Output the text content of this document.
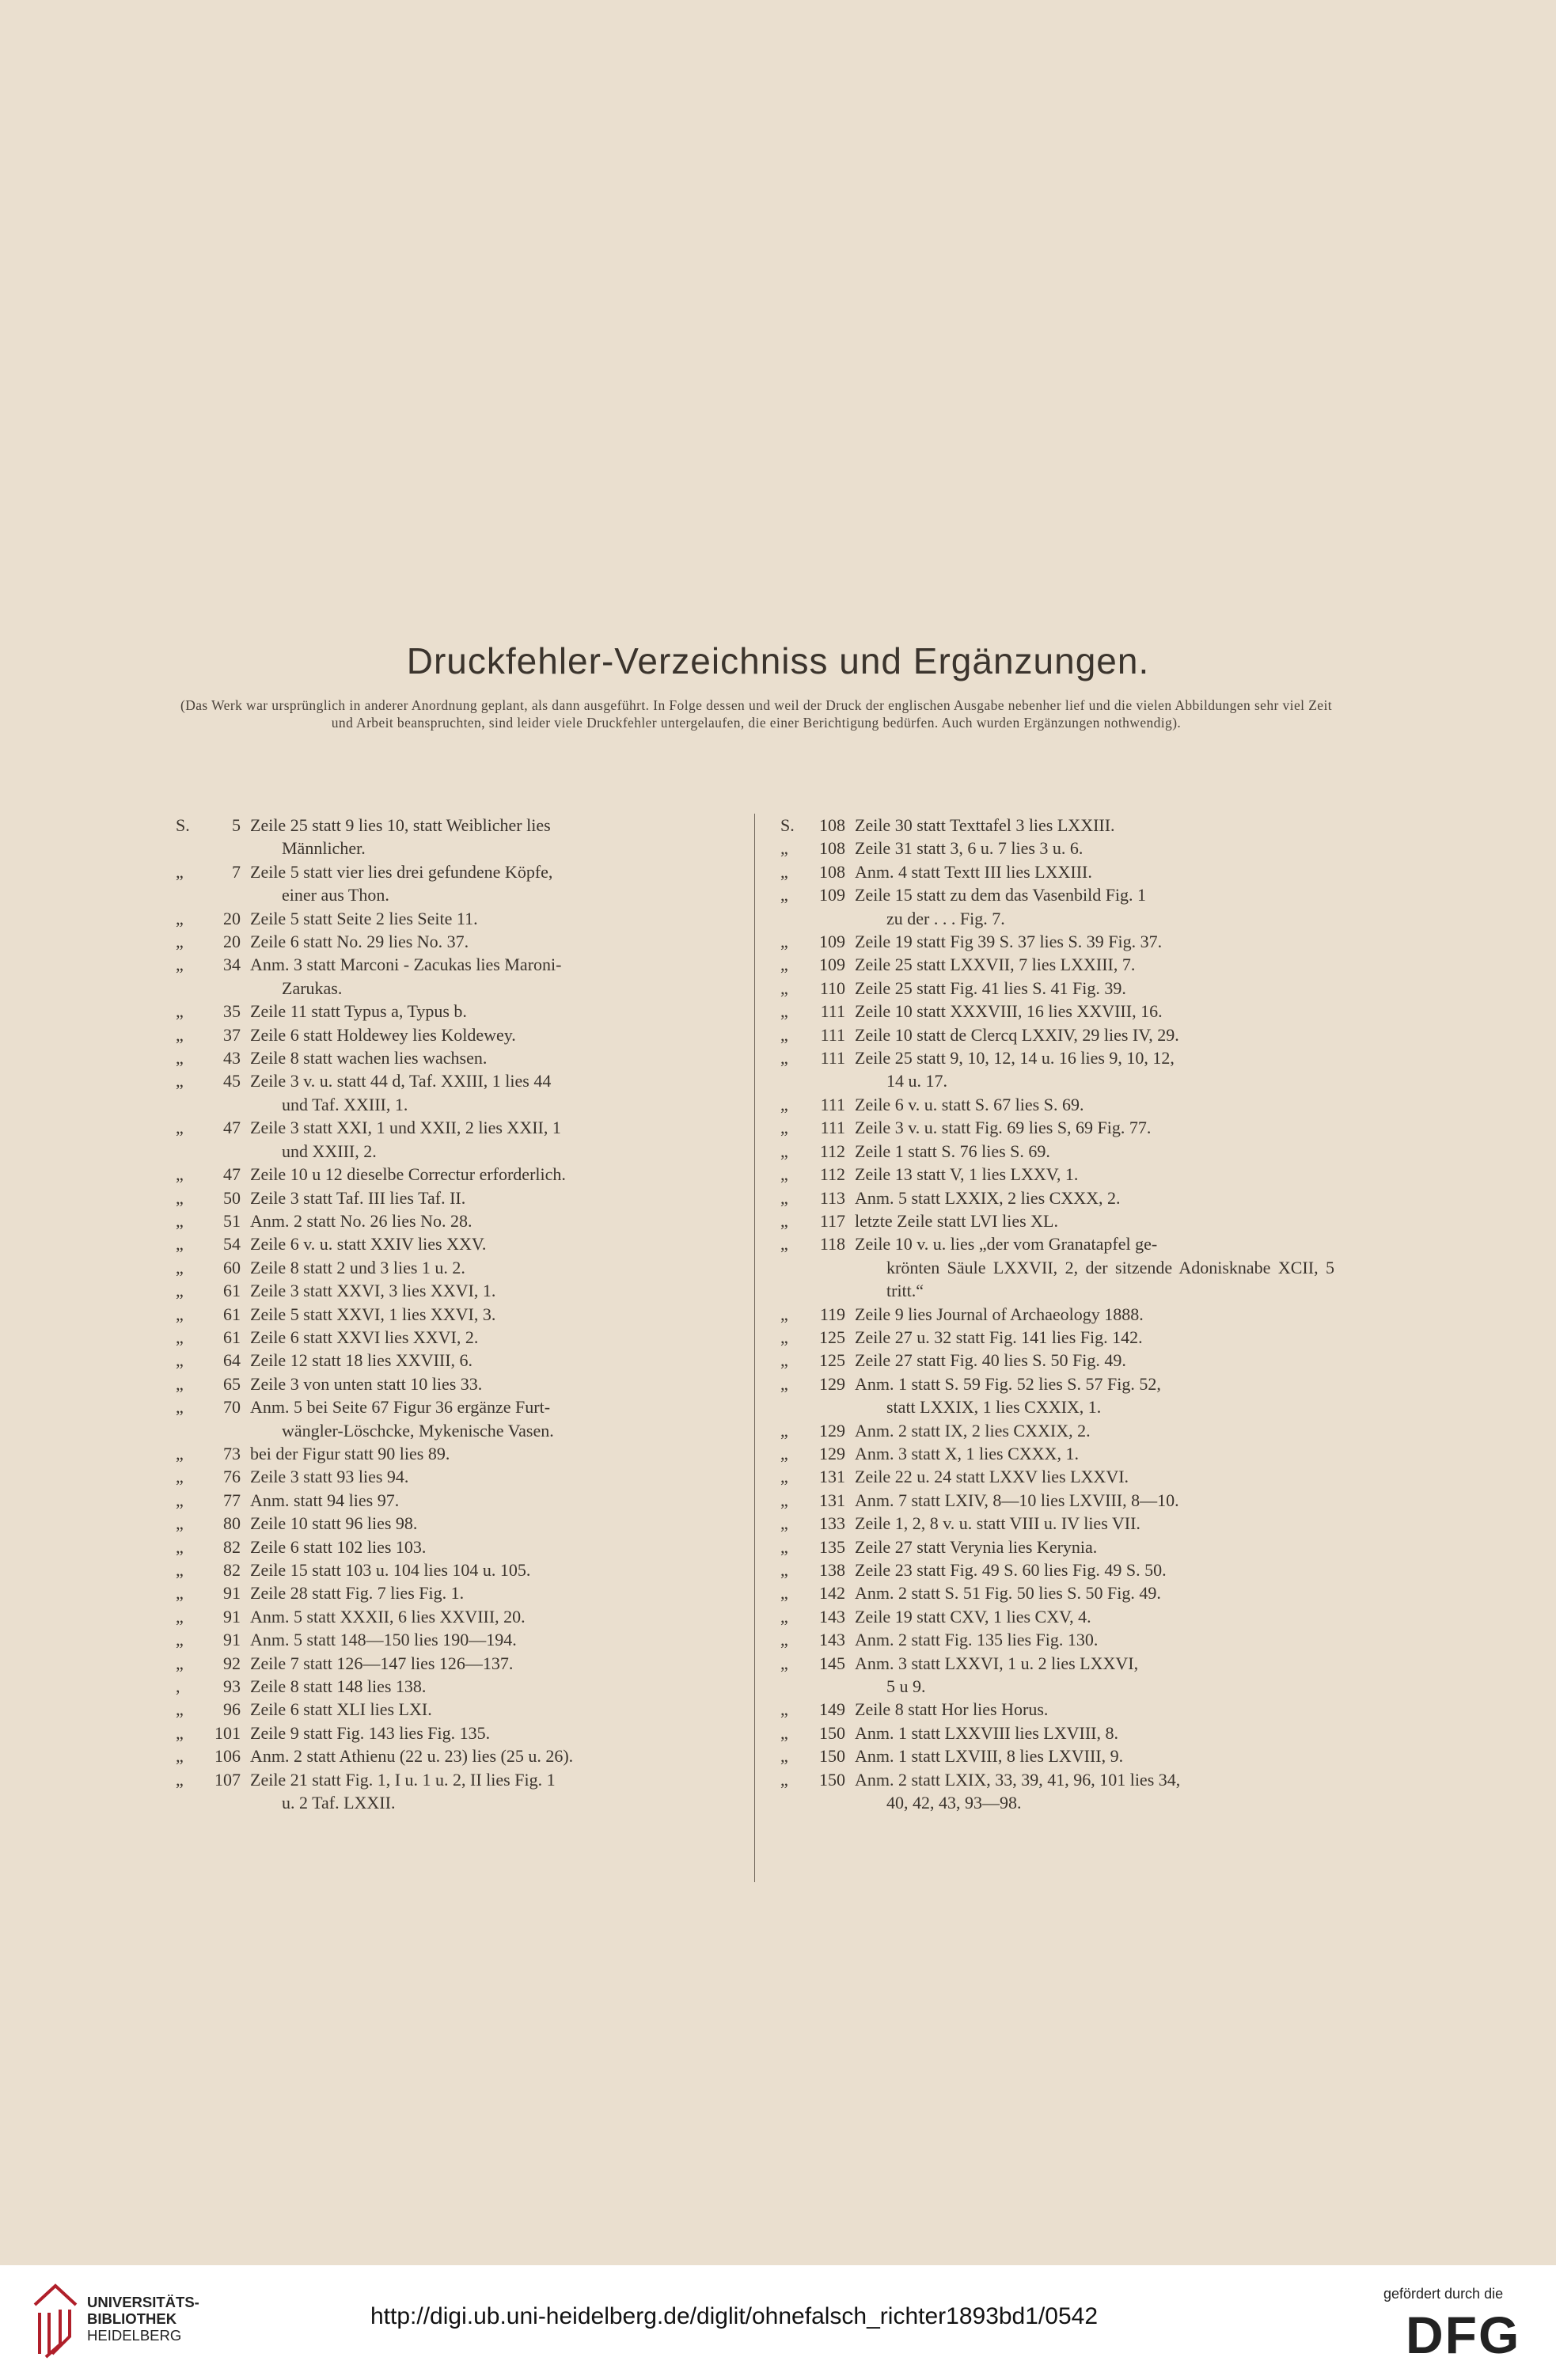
Druckfehler-Verzeichniss und Ergänzungen.
(Das Werk war ursprünglich in anderer Anordnung geplant, als dann ausgeführt. In Folge dessen und weil der Druck der englischen Ausgabe nebenher lief und die vielen Abbildungen sehr viel Zeit und Arbeit beanspruchten, sind leider viele Druckfehler untergelaufen, die einer Berichtigung bedürfen. Auch wurden Ergänzungen nothwendig).
S.	5 Zeile 25 statt 9 lies 10, statt Weiblicher lies
Männlicher.
„	7 Zeile 5 statt vier lies drei gefundene Köpfe,
einer aus Thon.
„	20 Zeile 5 statt Seite 2 lies Seite 11.
„	20 Zeile 6 statt No. 29 lies No. 37.
„	34 Anm. 3 statt Marconi - Zacukas lies Maroni-
Zarukas.
„	35 Zeile 11 statt Typus a, Typus b.
„	37 Zeile 6 statt Holdewey lies Koldewey.
„	43 Zeile 8 statt wachen lies wachsen.
„	45 Zeile 3 v. u. statt 44 d, Taf. XXIII, 1 lies 44
und Taf. XXIII, 1.
„	47 Zeile 3 statt XXI, 1 und XXII, 2 lies XXII, 1
und XXIII, 2.
„	47 Zeile 10 u 12 dieselbe Correctur erforderlich.
„	50 Zeile 3 statt Taf. III lies Taf. II.
„	51 Anm. 2 statt No. 26 lies No. 28.
„	54 Zeile 6 v. u. statt XXIV lies XXV.
„	60 Zeile 8 statt 2 und 3 lies 1 u. 2.
„	61 Zeile 3 statt XXVI, 3 lies XXVI, 1.
„	61 Zeile 5 statt XXVI, 1 lies XXVI, 3.
„	61 Zeile 6 statt XXVI lies XXVI, 2.
„	64 Zeile 12 statt 18 lies XXVIII, 6.
„	65 Zeile 3 von unten statt 10 lies 33.
„	70 Anm. 5 bei Seite 67 Figur 36 ergänze Furt-
wängler-Löschcke, Mykenische Vasen.
„	73 bei der Figur statt 90 lies 89.
„	76 Zeile 3 statt 93 lies 94.
„	77 Anm. statt 94 lies 97.
„	80 Zeile 10 statt 96 lies 98.
„	82 Zeile 6 statt 102 lies 103.
„	82 Zeile 15 statt 103 u. 104 lies 104 u. 105.
„	91 Zeile 28 statt Fig. 7 lies Fig. 1.
„	91 Anm. 5 statt XXXII, 6 lies XXVIII, 20.
„	91 Anm. 5 statt 148—150 lies 190—194.
„	92 Zeile 7 statt 126—147 lies 126—137.
,	93 Zeile 8 statt 148 lies 138.
„	96 Zeile 6 statt XLI lies LXI.
„	101 Zeile 9 statt Fig. 143 lies Fig. 135.
„	106 Anm. 2 statt Athienu (22 u. 23) lies (25 u. 26).
„	107 Zeile 21 statt Fig. 1, I u. 1 u. 2, II lies Fig. 1
u. 2 Taf. LXXII.
S.	108 Zeile 30 statt Texttafel 3 lies LXXIII.
„	108 Zeile 31 statt 3, 6 u. 7 lies 3 u. 6.
„	108 Anm. 4 statt Textt III lies LXXIII.
„	109 Zeile 15 statt zu dem das Vasenbild Fig. 1
zu der . . . Fig. 7.
„	109 Zeile 19 statt Fig 39 S. 37 lies S. 39 Fig. 37.
„	109 Zeile 25 statt LXXVII, 7 lies LXXIII, 7.
„	110 Zeile 25 statt Fig. 41 lies S. 41 Fig. 39.
„	111 Zeile 10 statt XXXVIII, 16 lies XXVIII, 16.
„	111 Zeile 10 statt de Clercq LXXIV, 29 lies IV, 29.
„	111 Zeile 25 statt 9, 10, 12, 14 u. 16 lies 9, 10, 12,
14 u. 17.
„	111 Zeile 6 v. u. statt S. 67 lies S. 69.
„	111 Zeile 3 v. u. statt Fig. 69 lies S, 69 Fig. 77.
„	112 Zeile 1 statt S. 76 lies S. 69.
„	112 Zeile 13 statt V, 1 lies LXXV, 1.
„	113 Anm. 5 statt LXXIX, 2 lies CXXX, 2.
„	117 letzte Zeile statt LVI lies XL.
„	118 Zeile 10 v. u. lies „der vom Granatapfel ge-
krönten Säule LXXVII, 2, der sitzende Adonisknabe XCII, 5 tritt.“
„	119 Zeile 9 lies Journal of Archaeology 1888.
„	125 Zeile 27 u. 32 statt Fig. 141 lies Fig. 142.
„	125 Zeile 27 statt Fig. 40 lies S. 50 Fig. 49.
„	129 Anm. 1 statt S. 59 Fig. 52 lies S. 57 Fig. 52,
statt LXXIX, 1 lies CXXIX, 1.
„	129 Anm. 2 statt IX, 2 lies CXXIX, 2.
„	129 Anm. 3 statt X, 1 lies CXXX, 1.
„	131 Zeile 22 u. 24 statt LXXV lies LXXVI.
„	131 Anm. 7 statt LXIV, 8—10 lies LXVIII, 8—10.
„	133 Zeile 1, 2, 8 v. u. statt VIII u. IV lies VII.
„	135 Zeile 27 statt Verynia lies Kerynia.
„	138 Zeile 23 statt Fig. 49 S. 60 lies Fig. 49 S. 50.
„	142 Anm. 2 statt S. 51 Fig. 50 lies S. 50 Fig. 49.
„	143 Zeile 19 statt CXV, 1 lies CXV, 4.
„	143 Anm. 2 statt Fig. 135 lies Fig. 130.
„	145 Anm. 3 statt LXXVI, 1 u. 2 lies LXXVI,
5 u 9.
„	149 Zeile 8 statt Hor lies Horus.
„	150 Anm. 1 statt LXXVIII lies LXVIII, 8.
„	150 Anm. 1 statt LXVIII, 8 lies LXVIII, 9.
„	150 Anm. 2 statt LXIX, 33, 39, 41, 96, 101 lies 34,
40, 42, 43, 93—98.
UNIVERSITÄTS-
BIBLIOTHEK
HEIDELBERG
http://digi.ub.uni-heidelberg.de/diglit/ohnefalsch_richter1893bd1/0542
gefördert durch die
DFG
